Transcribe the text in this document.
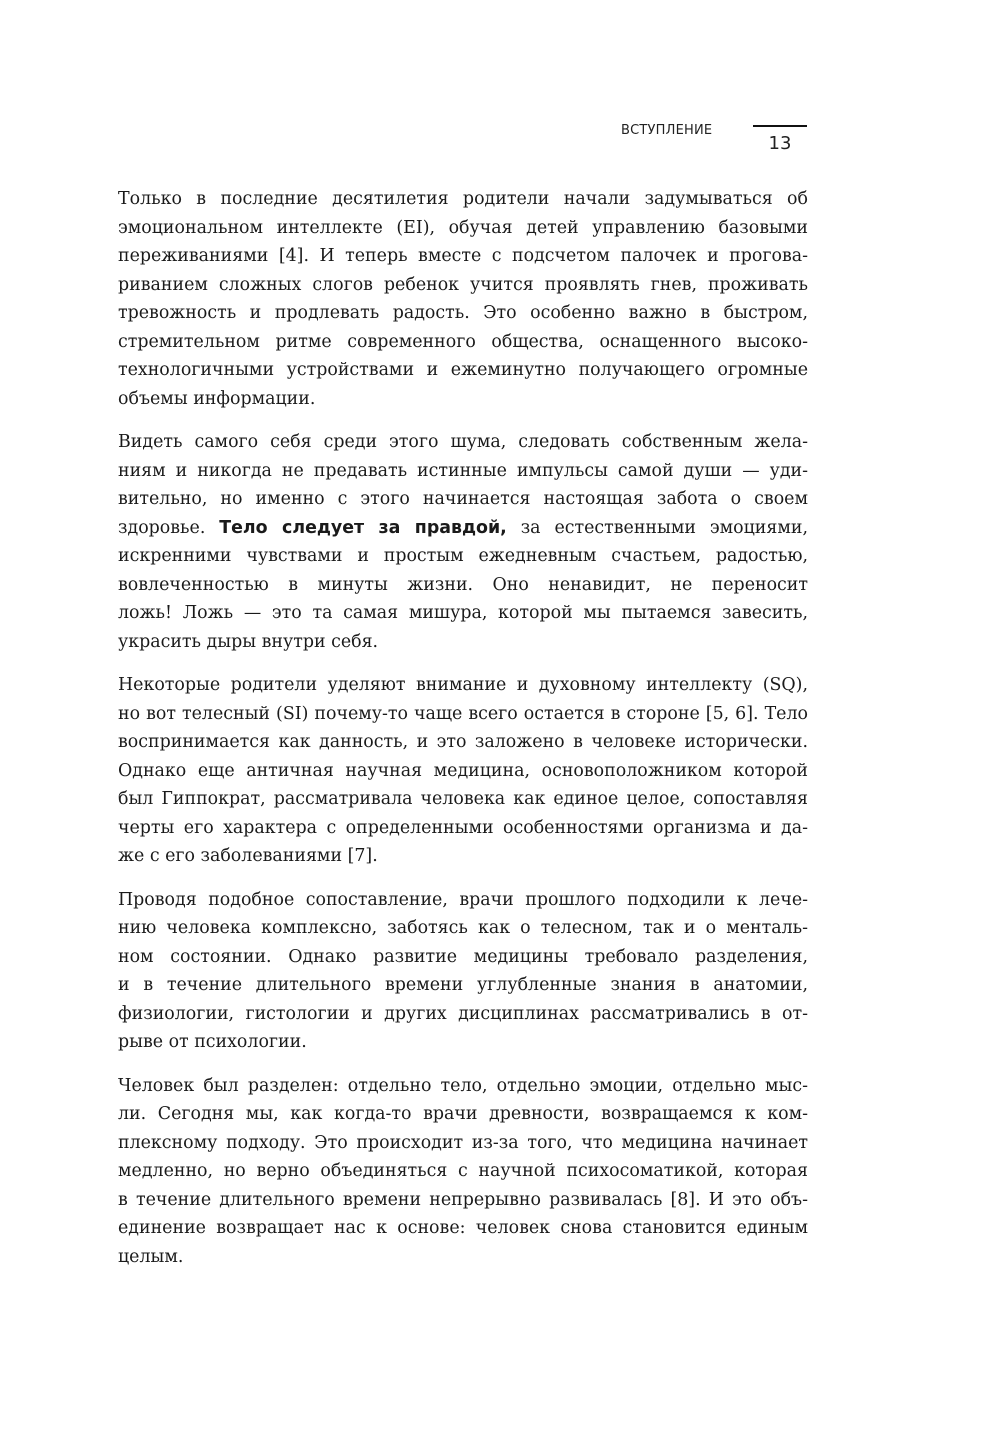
ВСТУПЛЕНИЕ
13
Только в последние десятилетия родители начали задумываться об
эмоциональном интеллекте (EI), обучая детей управлению базовыми
переживаниями [4]. И теперь вместе с подсчетом палочек и прогова-
риванием сложных слогов ребенок учится проявлять гнев, проживать
тревожность и продлевать радость. Это особенно важно в быстром,
стремительном ритме современного общества, оснащенного высоко-
технологичными устройствами и ежеминутно получающего огромные
объемы информации.
Видеть самого себя среди этого шума, следовать собственным жела-
ниям и никогда не предавать истинные импульсы самой души — уди-
вительно, но именно с этого начинается настоящая забота о своем
здоровье. Тело следует за правдой, за естественными эмоциями,
искренними чувствами и простым ежедневным счастьем, радостью,
вовлеченностью в минуты жизни. Оно ненавидит, не переносит
ложь! Ложь — это та самая мишура, которой мы пытаемся завесить,
украсить дыры внутри себя.
Некоторые родители уделяют внимание и духовному интеллекту (SQ),
но вот телесный (SI) почему-то чаще всего остается в стороне [5, 6]. Тело
воспринимается как данность, и это заложено в человеке исторически.
Однако еще античная научная медицина, основоположником которой
был Гиппократ, рассматривала человека как единое целое, сопоставляя
черты его характера с определенными особенностями организма и да-
же с его заболеваниями [7].
Проводя подобное сопоставление, врачи прошлого подходили к лече-
нию человека комплексно, заботясь как о телесном, так и о менталь-
ном состоянии. Однако развитие медицины требовало разделения,
и в течение длительного времени углубленные знания в анатомии,
физиологии, гистологии и других дисциплинах рассматривались в от-
рыве от психологии.
Человек был разделен: отдельно тело, отдельно эмоции, отдельно мыс-
ли. Сегодня мы, как когда-то врачи древности, возвращаемся к ком-
плексному подходу. Это происходит из-за того, что медицина начинает
медленно, но верно объединяться с научной психосоматикой, которая
в течение длительного времени непрерывно развивалась [8]. И это объ-
единение возвращает нас к основе: человек снова становится единым
целым.
